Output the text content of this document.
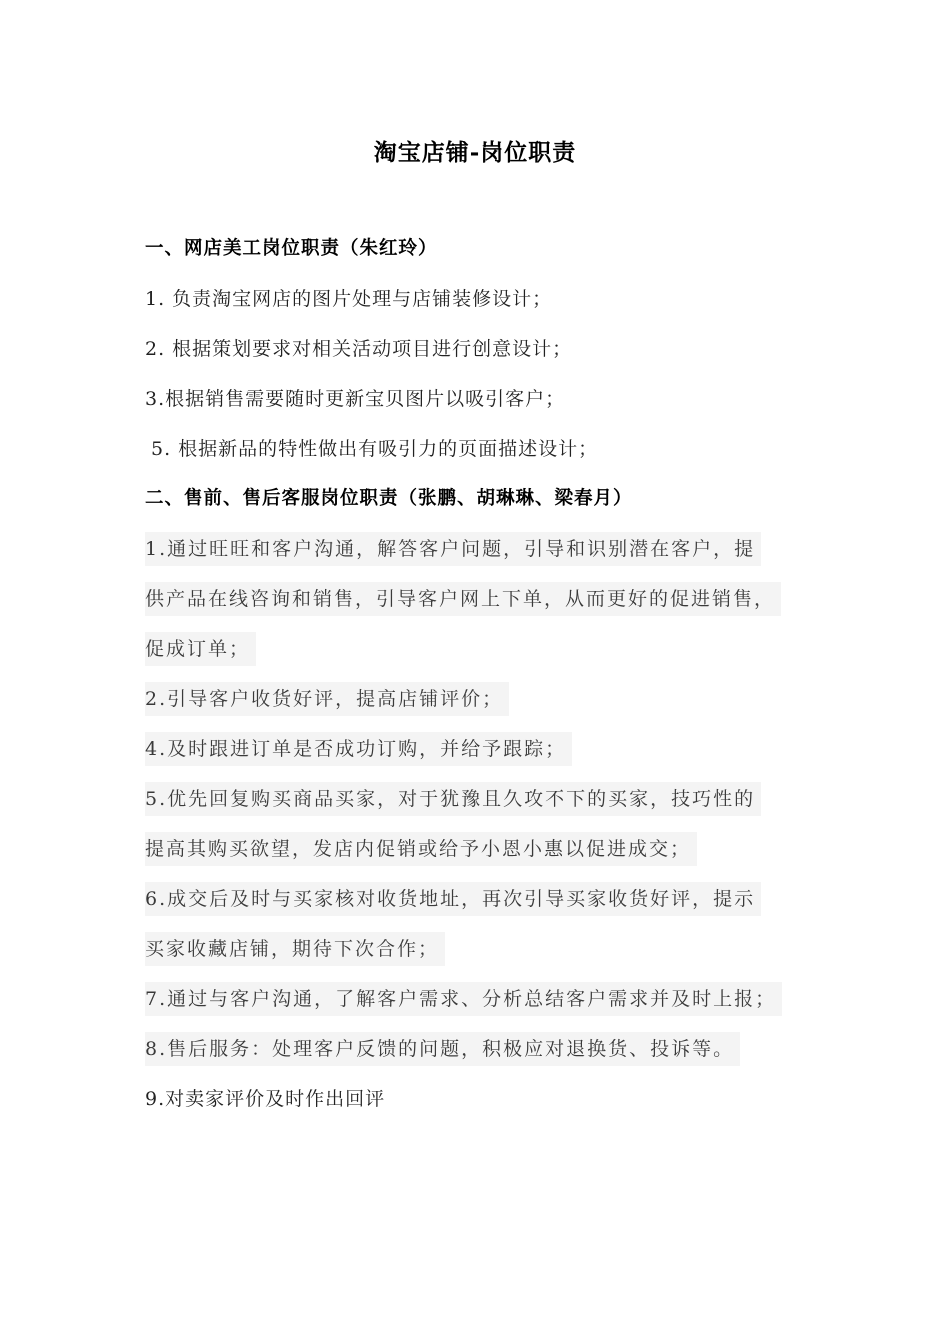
淘宝店铺-岗位职责
一、网店美工岗位职责（朱红玲）
1. 负责淘宝网店的图片处理与店铺装修设计；
2. 根据策划要求对相关活动项目进行创意设计；
3.根据销售需要随时更新宝贝图片以吸引客户；
5. 根据新品的特性做出有吸引力的页面描述设计；
二、售前、售后客服岗位职责（张鹏、胡琳琳、梁春月）
1.通过旺旺和客户沟通，解答客户问题，引导和识别潜在客户，提
供产品在线咨询和销售，引导客户网上下单，从而更好的促进销售，
促成订单；
2.引导客户收货好评，提高店铺评价；
4.及时跟进订单是否成功订购，并给予跟踪；
5.优先回复购买商品买家，对于犹豫且久攻不下的买家，技巧性的
提高其购买欲望，发店内促销或给予小恩小惠以促进成交；
6.成交后及时与买家核对收货地址，再次引导买家收货好评，提示
买家收藏店铺，期待下次合作；
7.通过与客户沟通，了解客户需求、分析总结客户需求并及时上报；
8.售后服务：处理客户反馈的问题，积极应对退换货、投诉等。
9.对卖家评价及时作出回评
